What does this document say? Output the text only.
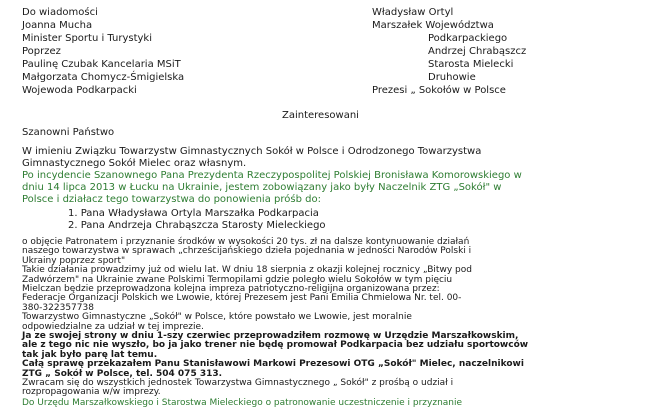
Do wiadomości

Joanna Mucha

Minister Sportu i Turystyki

Poprzez

Paulinę Czubak Kancelaria MSiT

Małgorzata Chomycz-Śmigielska

Wojewoda Podkarpacki

Władysław Ortyl

Marszałek Województwa

Podkarpackiego

Andrzej Chrabąszcz

Starosta Mielecki

Druhowie

Prezesi „ Sokołów w Polsce

Zainteresowani

Szanowni Państwo

W imieniu Związku Towarzystw Gimnastycznych Sokół w Polsce i Odrodzonego Towarzystwa

Gimnastycznego Sokół Mielec oraz własnym.

Po incydencie Szanownego Pana Prezydenta Rzeczypospolitej Polskiej Bronisława Komorowskiego w

dniu 14 lipca 2013 w Łucku na Ukrainie, jestem zobowiązany jako były Naczelnik ZTG „Sokół" w

Polsce i działacz tego towarzystwa do ponowienia próśb do:

1. Pana Władysława Ortyla Marszałka Podkarpacia
2. Pana Andrzeja Chrabąszcza Starosty Mieleckiego

o objęcie Patronatem i przyznanie środków w wysokości 20 tys. zł na dalsze kontynuowanie działań

naszego towarzystwa w sprawach „chrześcijańskiego dzieła pojednania w jedności Narodów Polski i

Ukrainy poprzez sport"

Takie działania prowadzimy już od wielu lat. W dniu 18 sierpnia z okazji kolejnej rocznicy „Bitwy pod

Zadwórzem" na Ukrainie zwane Polskimi Termopilami gdzie poległo wielu Sokołów w tym pięciu

Mielczan będzie przeprowadzona kolejna impreza patriotyczno-religijna organizowana przez:

Federacje Organizacji Polskich we Lwowie, której Prezesem jest Pani Emilia Chmielowa Nr. tel. 00-

380-322357738

Towarzystwo Gimnastyczne „Sokół" w Polsce, które powstało we Lwowie, jest moralnie

odpowiedzialne za udział w tej imprezie.

Ja ze swojej strony w dniu 1-szy czerwiec przeprowadziłem rozmowę w Urzędzie Marszałkowskim,

ale z tego nic nie wyszło, bo ja jako trener nie będę promował Podkarpacia bez udziału sportowców

tak jak było parę lat temu.

Całą sprawę przekazałem Panu Stanisławowi Markowi Prezesowi OTG „Sokół" Mielec, naczelnikowi

ZTG „ Sokół w Polsce, tel. 504 075 313.

Zwracam się do wszystkich jednostek Towarzystwa Gimnastycznego „ Sokół" z prośbą o udział i

rozpropagowania w/w imprezy.

Do Urzędu Marszałkowskiego i Starostwa Mieleckiego o patronowanie uczestniczenie i przyznanie
